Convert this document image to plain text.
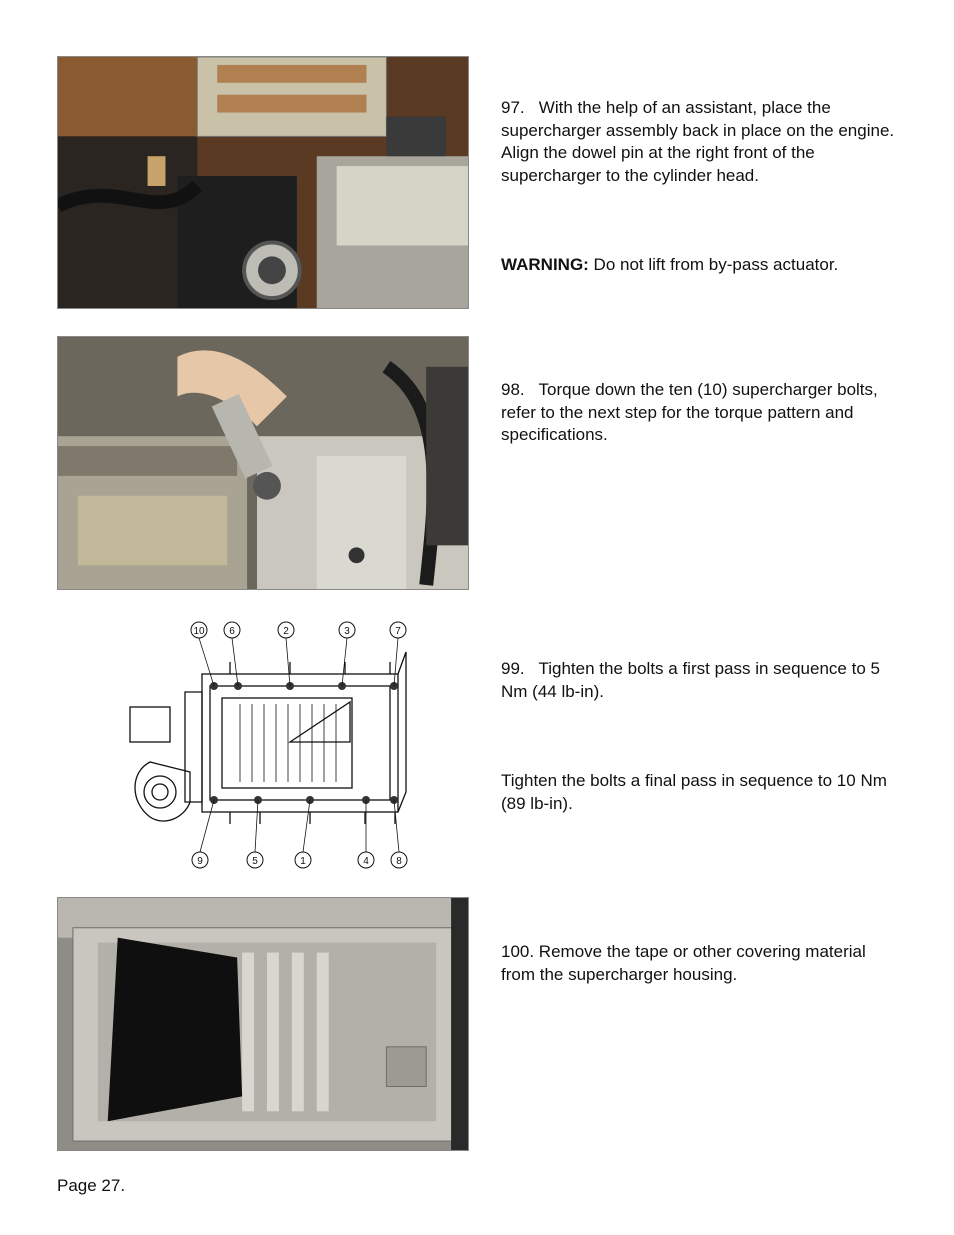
97.   With the help of an assistant, place the supercharger assembly back in place on the engine. Align the dowel pin at the right front of the supercharger to the cylinder head.

WARNING: Do not lift from by-pass actuator.

98.   Torque down the ten (10) supercharger bolts, refer to the next step for the torque pattern and specifications.

10 6	2	3	7
9	5	1	4	8

99.   Tighten the bolts a first pass in sequence to 5 Nm (44 lb-in).

Tighten the bolts a final pass in sequence to 10 Nm (89 lb-in).

100. Remove the tape or other covering material from the supercharger housing.

Page 27.
